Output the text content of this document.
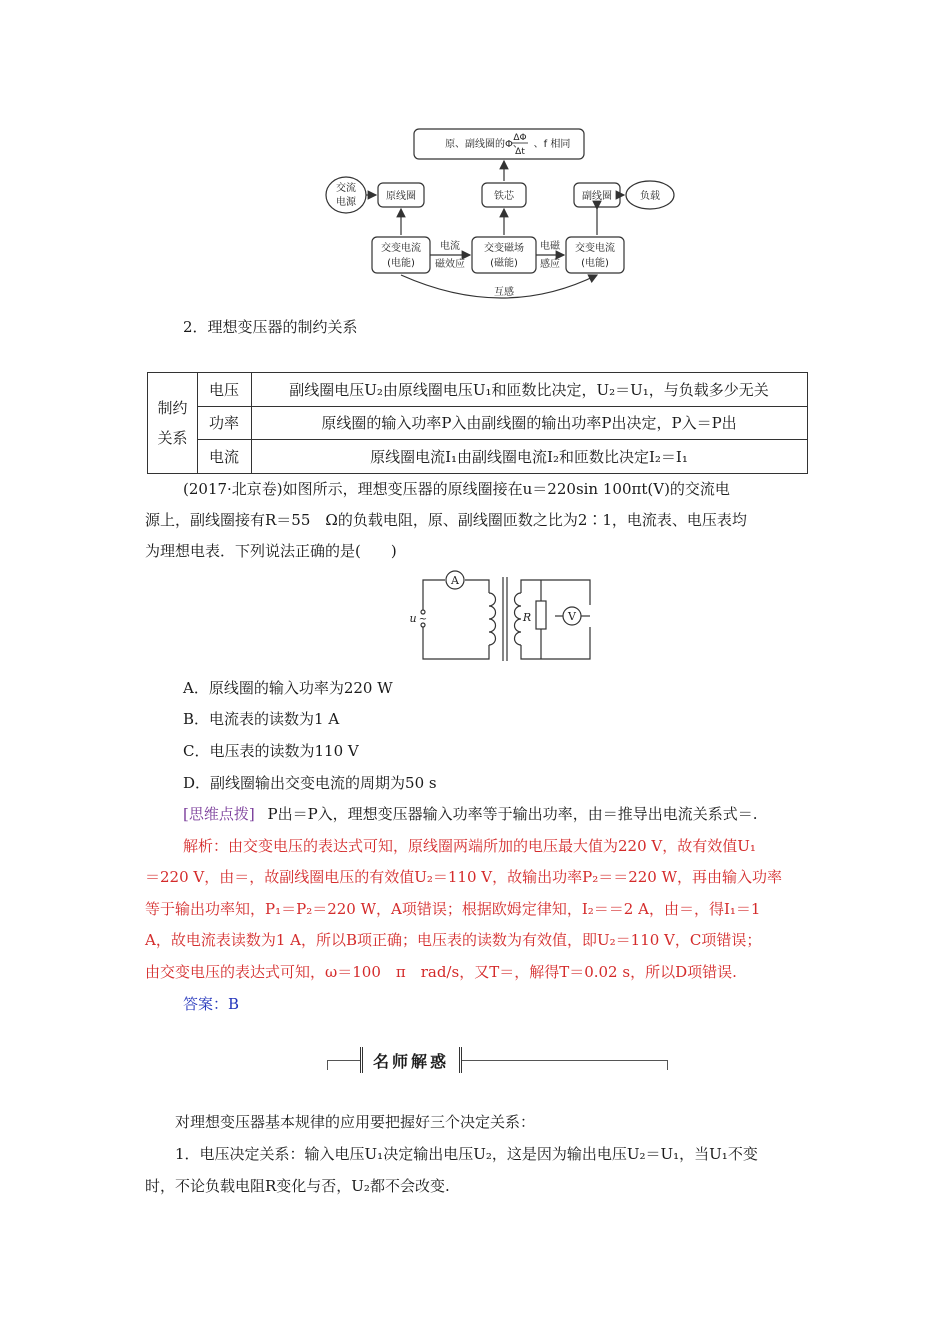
原、副线圈的Φ、
ΔΦ
Δt
、f 相同
交流
电源
原线圈	铁芯	副线圈	负载
交变电流
(电能)
交变磁场
(磁能)
交变电流
(电能)
电流
磁效应
电磁
感应
互感
2．理想变压器的制约关系
制约
关系
电压	副线圈电压U₂由原线圈电压U₁和匝数比决定，U₂＝U₁，与负载多少无关
功率	原线圈的输入功率P入由副线圈的输出功率P出决定，P入＝P出
电流	原线圈电流I₁由副线圈电流I₂和匝数比决定I₂＝I₁
(2017·北京卷)如图所示，理想变压器的原线圈接在u＝220sin 100πt(V)的交流电
源上，副线圈接有R＝55　Ω的负载电阻，原、副线圈匝数之比为2∶1，电流表、电压表均
为理想电表．下列说法正确的是(　　)
A
V
R
u ~
A．原线圈的输入功率为220 W
B．电流表的读数为1 A
C．电压表的读数为110 V
D．副线圈输出交变电流的周期为50 s
[思维点拨] P出＝P入，理想变压器输入功率等于输出功率，由＝推导出电流关系式＝.
解析：由交变电压的表达式可知，原线圈两端所加的电压最大值为220 V，故有效值U₁
＝220 V，由＝，故副线圈电压的有效值U₂＝110 V，故输出功率P₂＝＝220 W，再由输入功率
等于输出功率知，P₁＝P₂＝220 W，A项错误；根据欧姆定律知，I₂＝＝2 A，由＝，得I₁＝1
A，故电流表读数为1 A，所以B项正确；电压表的读数为有效值，即U₂＝110 V，C项错误；
由交变电压的表达式可知，ω＝100　π　rad/s，又T＝，解得T＝0.02 s，所以D项错误.
答案：B
名师解惑
对理想变压器基本规律的应用要把握好三个决定关系：
1．电压决定关系：输入电压U₁决定输出电压U₂，这是因为输出电压U₂＝U₁，当U₁不变
时，不论负载电阻R变化与否，U₂都不会改变.
